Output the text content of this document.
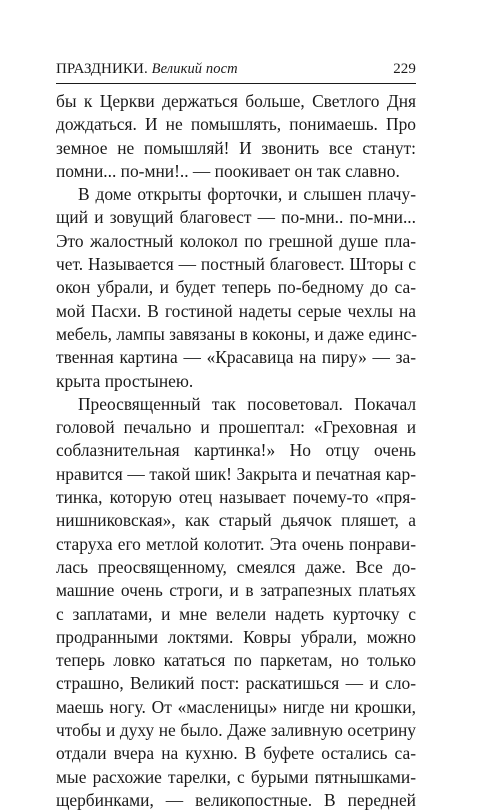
ПРАЗДНИКИ. Великий пост	229
бы к Церкви держаться больше, Светлого Дня
дождаться. И не помышлять, понимаешь. Про
земное не помышляй! И звонить все станут:
помни... по-мни!.. — поокивает он так славно.
В доме открыты форточки, и слышен плачу-
щий и зовущий благовест — по-мни.. по-мни...
Это жалостный колокол по грешной душе пла-
чет. Называется — постный благовест. Шторы с
окон убрали, и будет теперь по-бедному до са-
мой Пасхи. В гостиной надеты серые чехлы на
мебель, лампы завязаны в коконы, и даже единс-
твенная картина — «Красавица на пиру» — за-
крыта простынею.
Преосвященный так посоветовал. Покачал
головой печально и прошептал: «Греховная и
соблазнительная картинка!» Но отцу очень
нравится — такой шик! Закрыта и печатная кар-
тинка, которую отец называет почему-то «пря-
нишниковская», как старый дьячок пляшет, а
старуха его метлой колотит. Эта очень понрави-
лась преосвященному, смеялся даже. Все до-
машние очень строги, и в затрапезных платьях
с заплатами, и мне велели надеть курточку с
продранными локтями. Ковры убрали, можно
теперь ловко кататься по паркетам, но только
страшно, Великий пост: раскатишься — и сло-
маешь ногу. От «масленицы» нигде ни крошки,
чтобы и духу не было. Даже заливную осетрину
отдали вчера на кухню. В буфете остались са-
мые расхожие тарелки, с бурыми пятнышками-
щербинками, — великопостные. В передней
